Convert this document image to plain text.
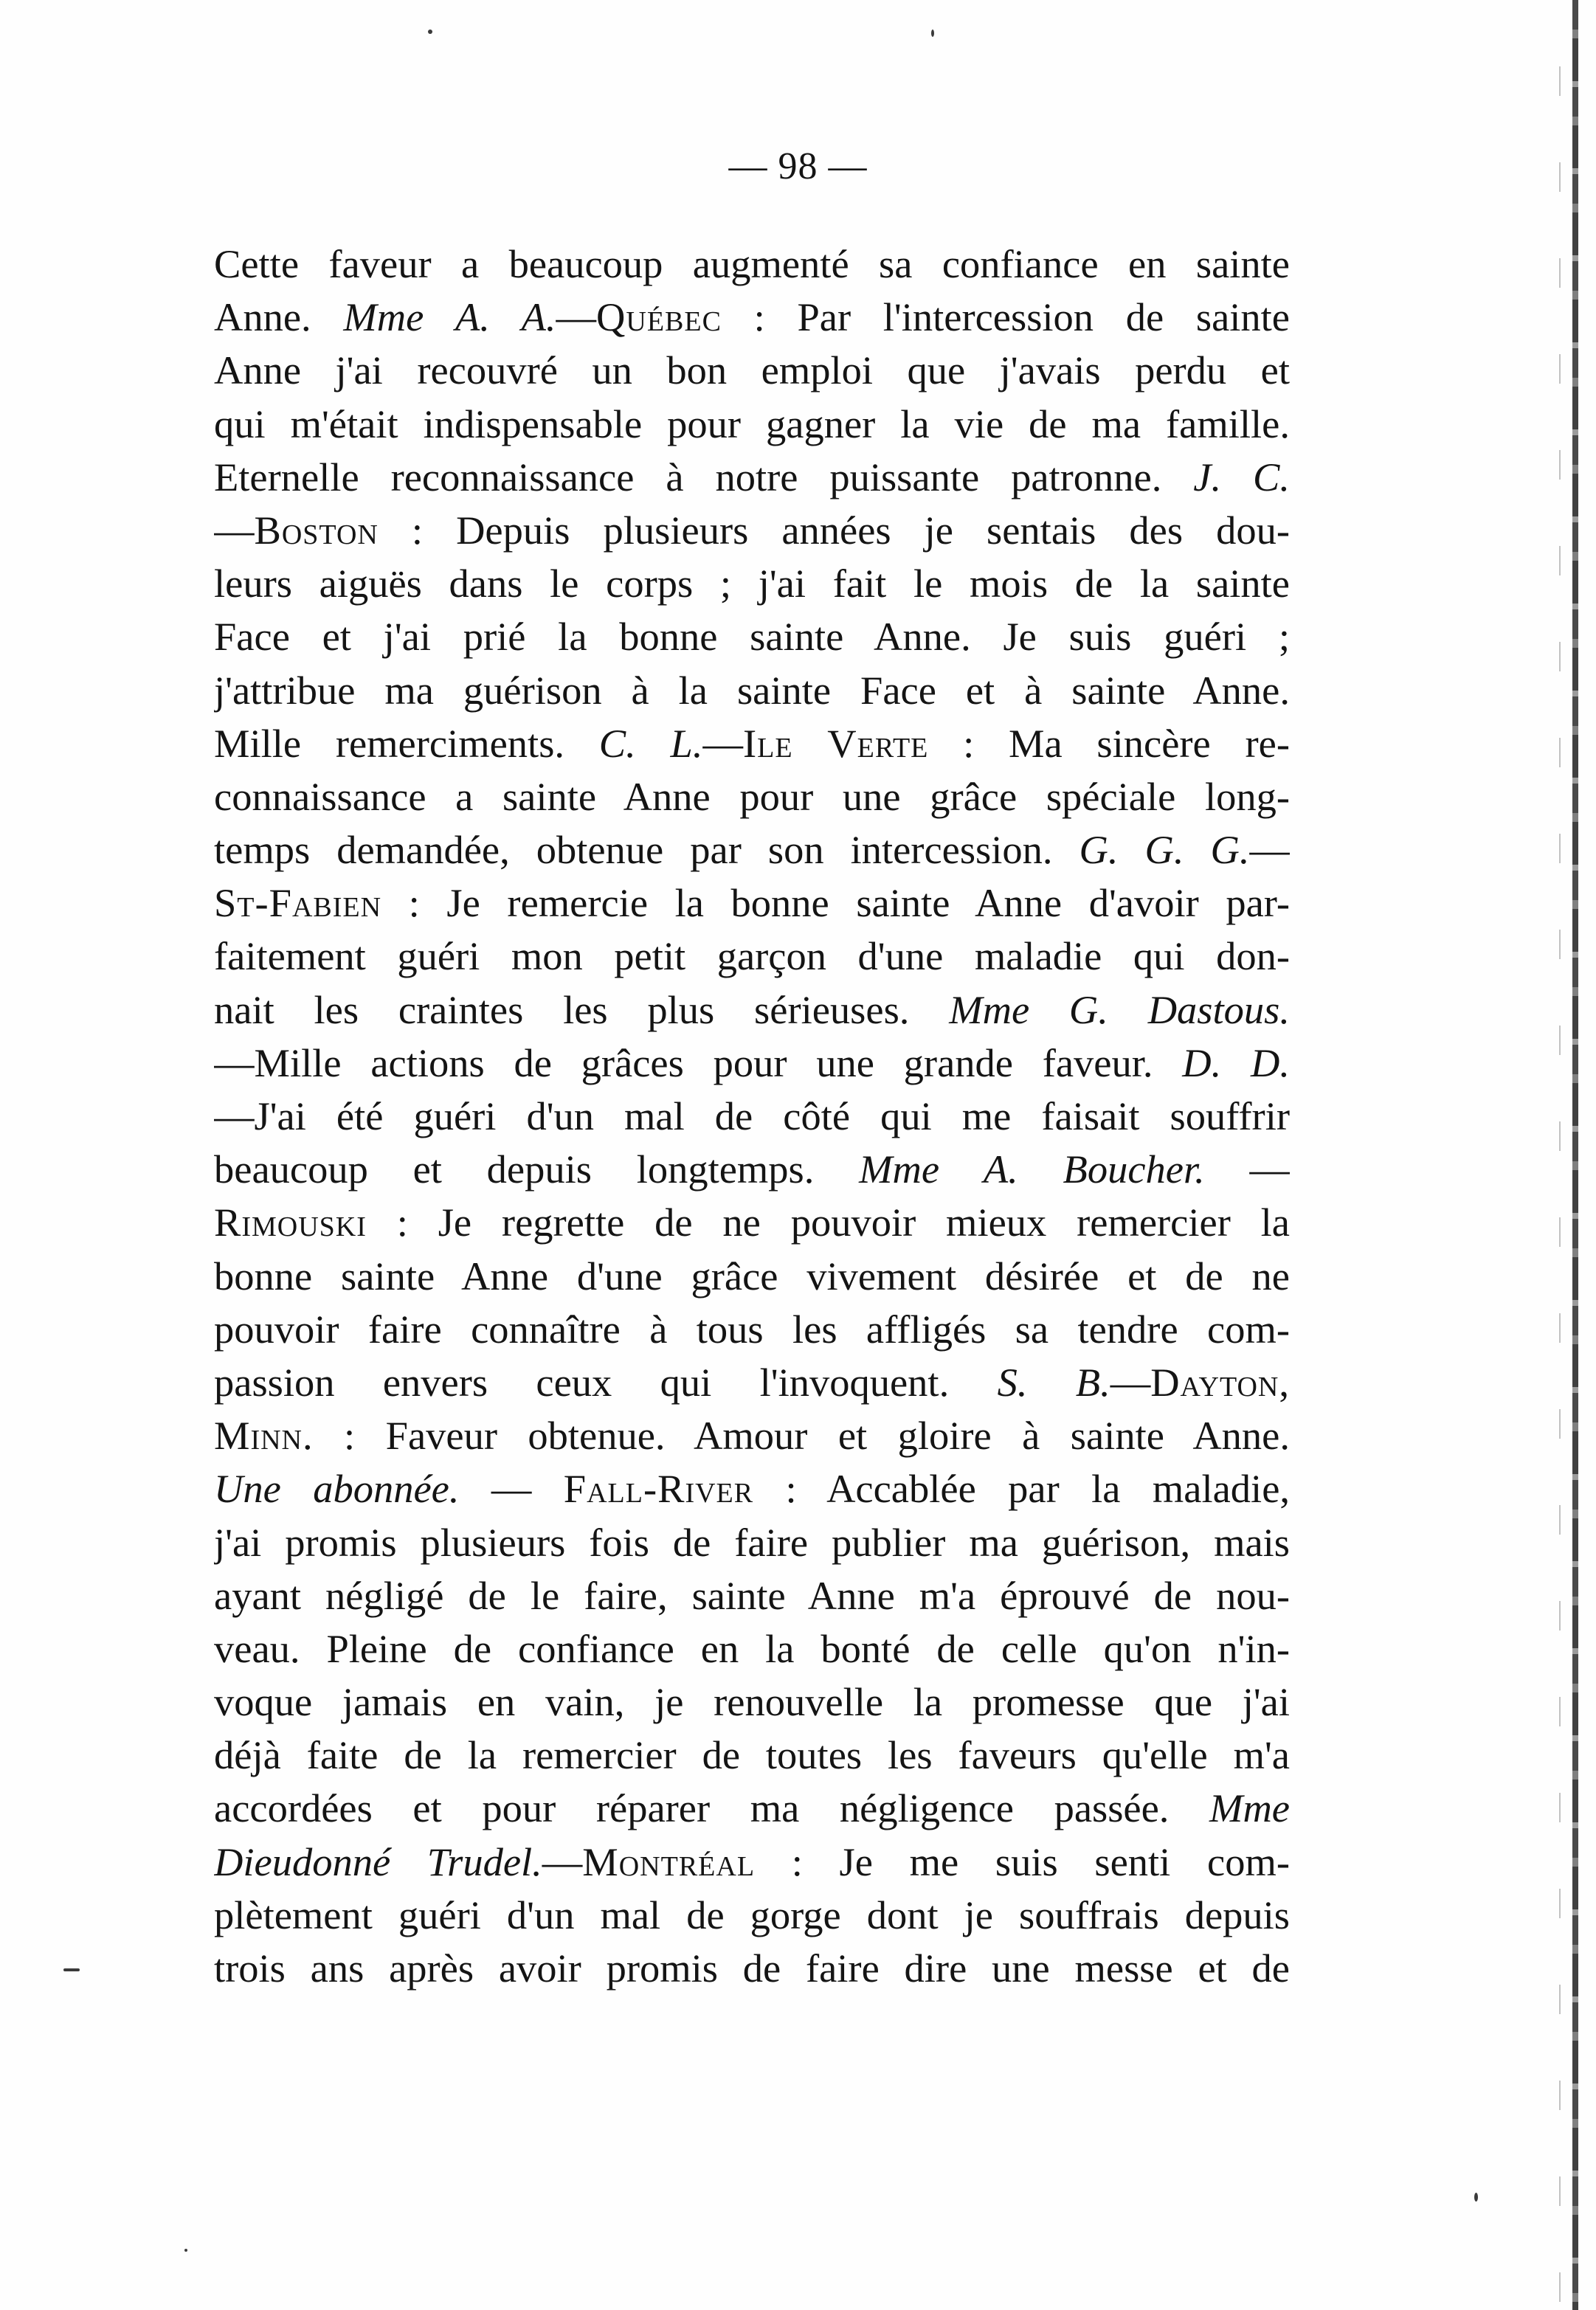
— 98 —
Cette faveur a beaucoup augmenté sa confiance en sainte
Anne. Mme A. A.—Québec : Par l'intercession de sainte
Anne j'ai recouvré un bon emploi que j'avais perdu et
qui m'était indispensable pour gagner la vie de ma famille.
Eternelle reconnaissance à notre puissante patronne. J. C.
—Boston : Depuis plusieurs années je sentais des dou-
leurs aiguës dans le corps ; j'ai fait le mois de la sainte
Face et j'ai prié la bonne sainte Anne. Je suis guéri ;
j'attribue ma guérison à la sainte Face et à sainte Anne.
Mille remerciments. C. L.—Ile Verte : Ma sincère re-
connaissance a sainte Anne pour une grâce spéciale long-
temps demandée, obtenue par son intercession. G. G. G.—
St-Fabien : Je remercie la bonne sainte Anne d'avoir par-
faitement guéri mon petit garçon d'une maladie qui don-
nait les craintes les plus sérieuses. Mme G. Dastous.
—Mille actions de grâces pour une grande faveur. D. D.
—J'ai été guéri d'un mal de côté qui me faisait souffrir
beaucoup et depuis longtemps. Mme A. Boucher. —
Rimouski : Je regrette de ne pouvoir mieux remercier la
bonne sainte Anne d'une grâce vivement désirée et de ne
pouvoir faire connaître à tous les affligés sa tendre com-
passion envers ceux qui l'invoquent. S. B.—Dayton,
Minn. : Faveur obtenue. Amour et gloire à sainte Anne.
Une abonnée. — Fall-River : Accablée par la maladie,
j'ai promis plusieurs fois de faire publier ma guérison, mais
ayant négligé de le faire, sainte Anne m'a éprouvé de nou-
veau. Pleine de confiance en la bonté de celle qu'on n'in-
voque jamais en vain, je renouvelle la promesse que j'ai
déjà faite de la remercier de toutes les faveurs qu'elle m'a
accordées et pour réparer ma négligence passée. Mme
Dieudonné Trudel.—Montréal : Je me suis senti com-
plètement guéri d'un mal de gorge dont je souffrais depuis
trois ans après avoir promis de faire dire une messe et de
